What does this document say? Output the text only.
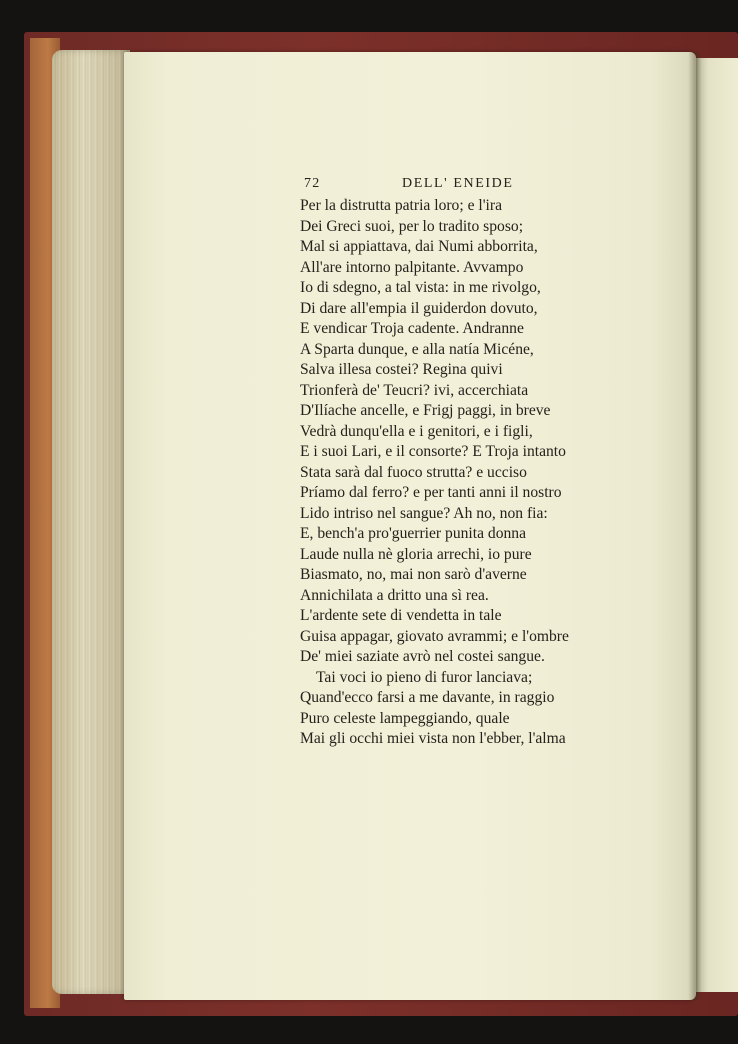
72	DELL' ENEIDE
Per la distrutta patria loro; e l'ira
Dei Greci suoi, per lo tradito sposo;
Mal si appiattava, dai Numi abborrita,
All'are intorno palpitante. Avvampo
Io di sdegno, a tal vista: in me rivolgo,
Di dare all'empia il guiderdon dovuto,
E vendicar Troja cadente. Andranne
A Sparta dunque, e alla natía Micéne,
Salva illesa costei? Regina quivi
Trionferà de' Teucri? ivi, accerchiata
D'Ilíache ancelle, e Frigj paggi, in breve
Vedrà dunqu'ella e i genitori, e i figli,
E i suoi Lari, e il consorte? E Troja intanto
Stata sarà dal fuoco strutta? e ucciso
Príamo dal ferro? e per tanti anni il nostro
Lido intriso nel sangue? Ah no, non fia:
E, bench'a pro'guerrier punita donna
Laude nulla nè gloria arrechi, io pure
Biasmato, no, mai non sarò d'averne
Annichilata a dritto una sì rea.
L'ardente sete di vendetta in tale
Guisa appagar, giovato avrammi; e l'ombre
De' miei saziate avrò nel costei sangue.
Tai voci io pieno di furor lanciava;
Quand'ecco farsi a me davante, in raggio
Puro celeste lampeggiando, quale
Mai gli occhi miei vista non l'ebber, l'alma
